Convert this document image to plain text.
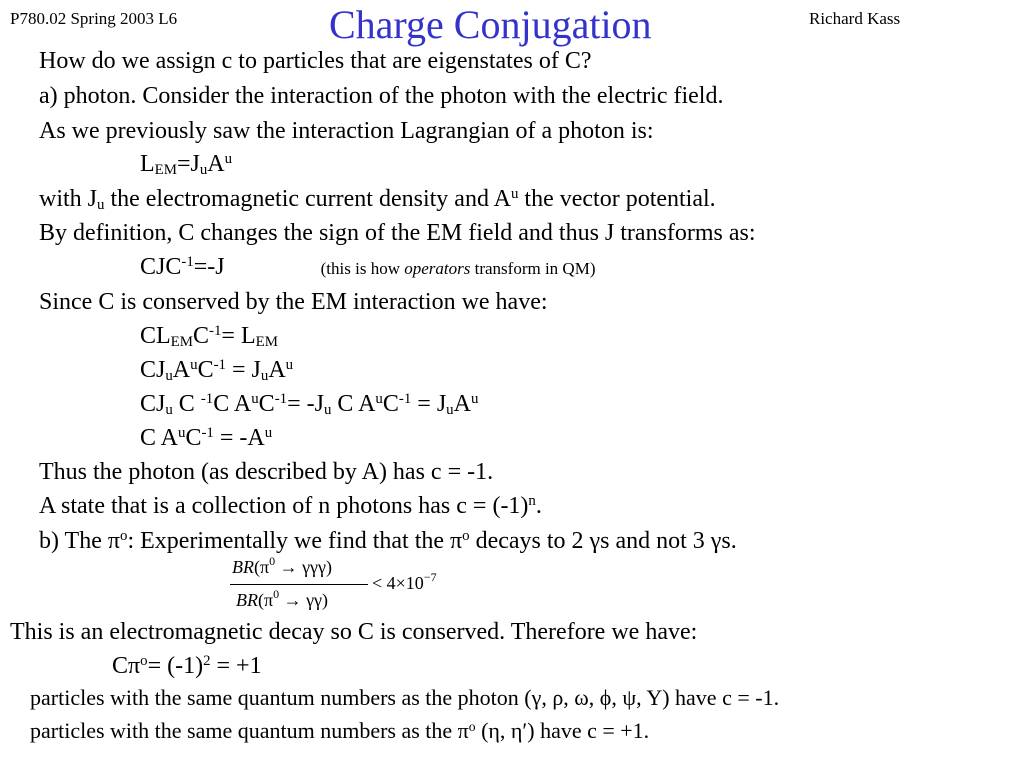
P780.02 Spring 2003 L6	Charge Conjugation	Richard Kass
How do we assign c to particles that are eigenstates of C?
a) photon. Consider the interaction of the photon with the electric field.
As we previously saw the interaction Lagrangian of a photon is:
$L_{EM}=J_uA^u$
with $J_u$ the electromagnetic current density and $A^u$ the vector potential.
By definition, C changes the sign of the EM field and thus J transforms as:
$CJC^{-1}=-J$	(this is how operators transform in QM)
Since C is conserved by the EM interaction we have:
$CL_{EM}C^{-1}= L_{EM}$
$CJ_uA^uC^{-1} = J_uA^u$
$CJ_u$ C $^{-1}$C $A^uC^{-1}= -J_u$ C $A^uC^{-1} = J_uA^u$
C $A^uC^{-1} = -A^u$
Thus the photon (as described by A) has c = -1.
A state that is a collection of n photons has $c = (-1)^n$.
b) The $\pi^o$: Experimentally we find that the $\pi^o$ decays to 2 γs and not 3 γs.
$BR(\pi^0 \to \gamma\gamma\gamma)$
$BR(\pi^0 \to \gamma\gamma)$
< $4\times 10^{-7}$
This is an electromagnetic decay so C is conserved. Therefore we have:
$C\pi^o= (-1)^2 = +1$
particles with the same quantum numbers as the photon (γ, ρ, ω, ϕ, ψ, Υ) have c = -1.
particles with the same quantum numbers as the $\pi^o$ (η, η′) have c = +1.
